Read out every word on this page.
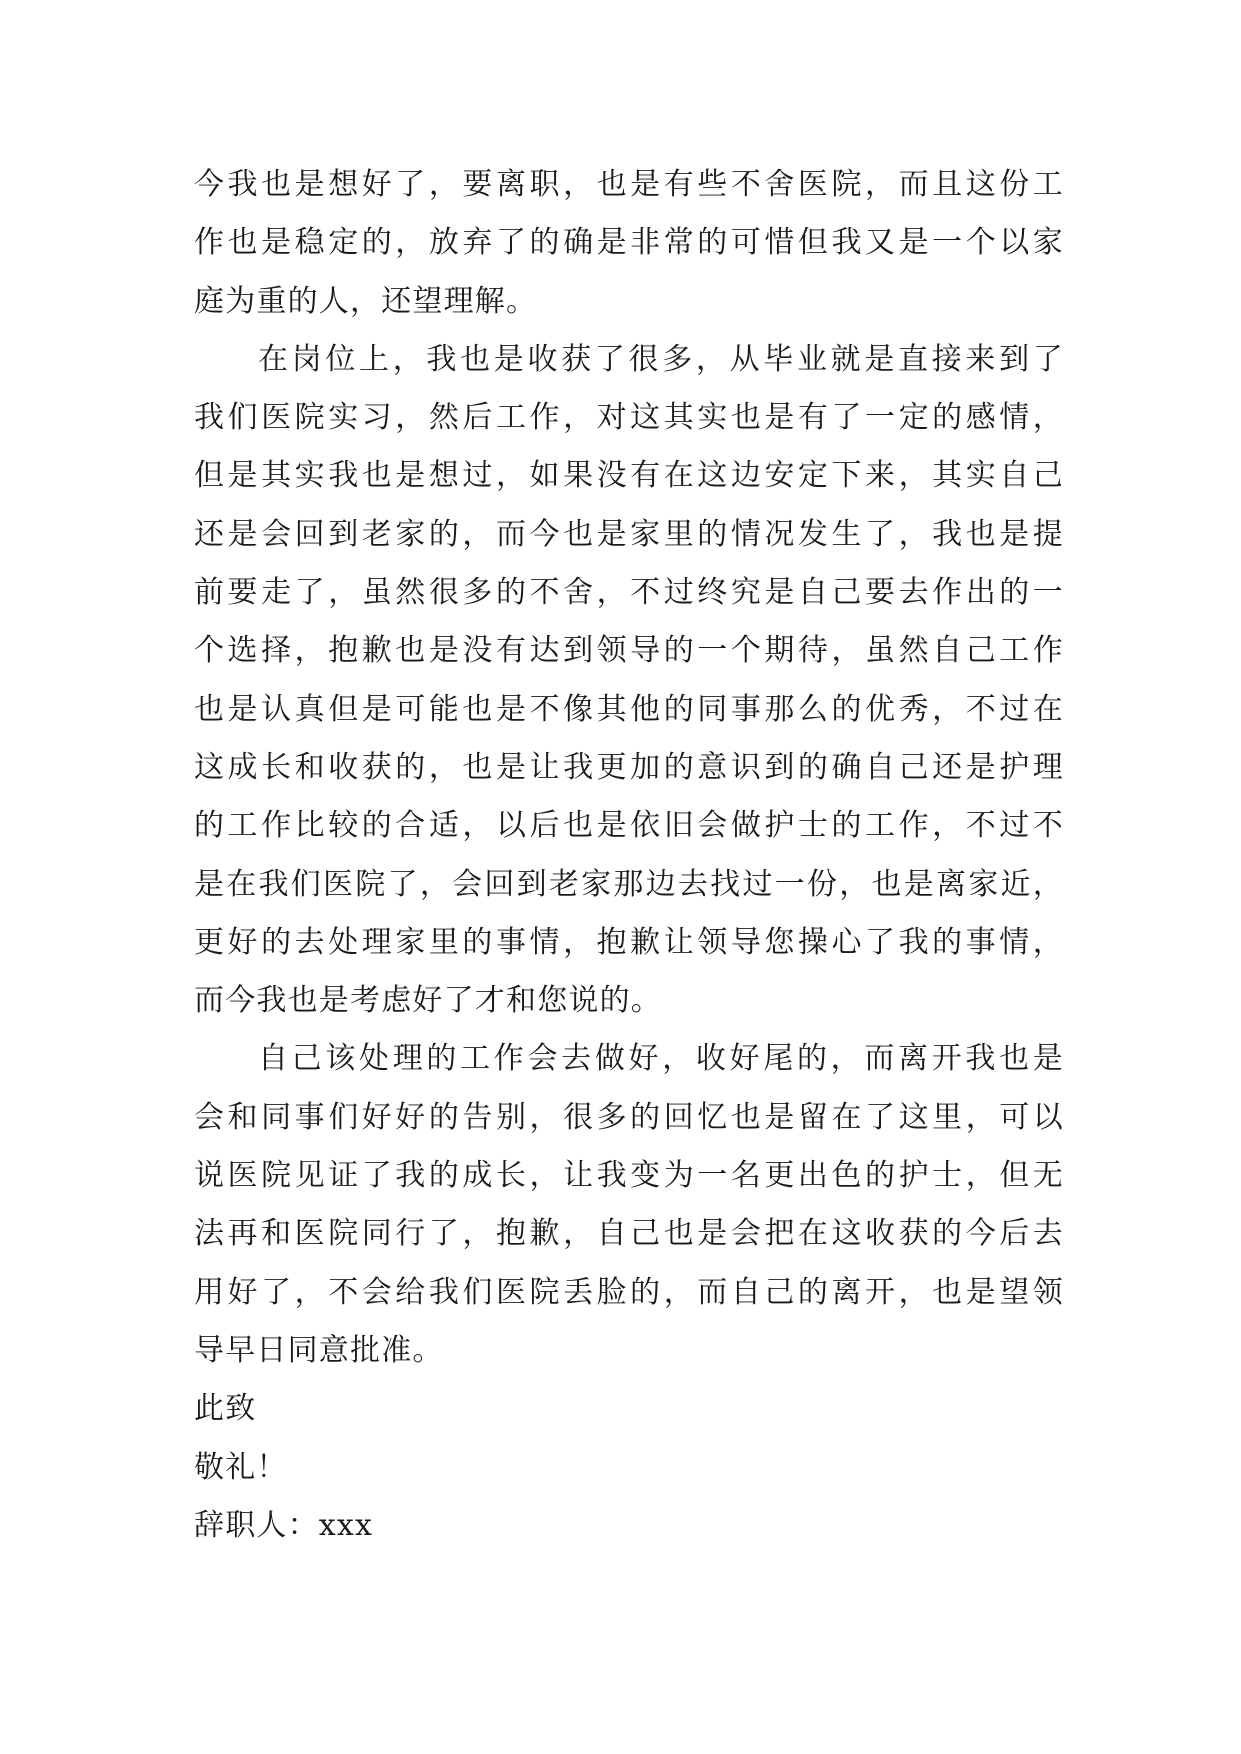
今我也是想好了，要离职，也是有些不舍医院，而且这份工
作也是稳定的，放弃了的确是非常的可惜但我又是一个以家
庭为重的人，还望理解。
在岗位上，我也是收获了很多，从毕业就是直接来到了
我们医院实习，然后工作，对这其实也是有了一定的感情，
但是其实我也是想过，如果没有在这边安定下来，其实自己
还是会回到老家的，而今也是家里的情况发生了，我也是提
前要走了，虽然很多的不舍，不过终究是自己要去作出的一
个选择，抱歉也是没有达到领导的一个期待，虽然自己工作
也是认真但是可能也是不像其他的同事那么的优秀，不过在
这成长和收获的，也是让我更加的意识到的确自己还是护理
的工作比较的合适，以后也是依旧会做护士的工作，不过不
是在我们医院了，会回到老家那边去找过一份，也是离家近，
更好的去处理家里的事情，抱歉让领导您操心了我的事情，
而今我也是考虑好了才和您说的。
自己该处理的工作会去做好，收好尾的，而离开我也是
会和同事们好好的告别，很多的回忆也是留在了这里，可以
说医院见证了我的成长，让我变为一名更出色的护士，但无
法再和医院同行了，抱歉，自己也是会把在这收获的今后去
用好了，不会给我们医院丢脸的，而自己的离开，也是望领
导早日同意批准。
此致
敬礼！
辞职人：xxx
